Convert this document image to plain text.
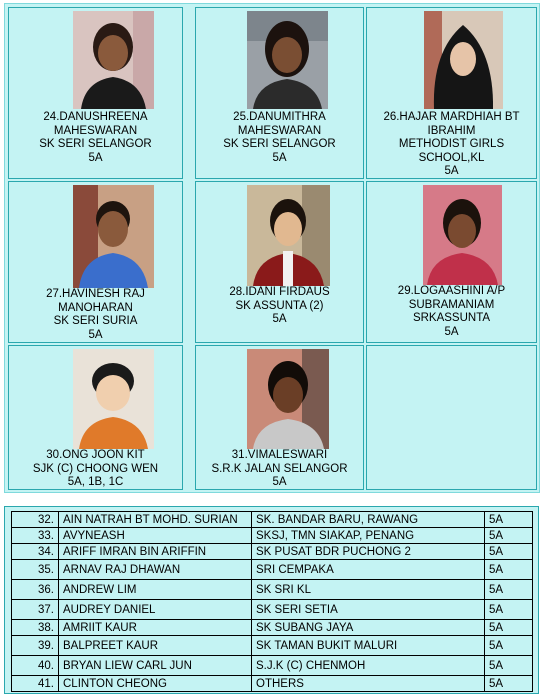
24.DANUSHREENA
MAHESWARAN
SK SERI SELANGOR
5A
25.DANUMITHRA
MAHESWARAN
SK SERI SELANGOR
5A
26.HAJAR MARDHIAH BT
IBRAHIM
METHODIST GIRLS
SCHOOL,KL
5A
27.HAVINESH RAJ
MANOHARAN
SK SERI SURIA
5A
28.IDANI FIRDAUS
SK ASSUNTA (2)
5A
29.LOGAASHINI A/P
SUBRAMANIAM
SRKASSUNTA
5A
30.ONG JOON KIT
SJK (C) CHOONG WEN
5A, 1B, 1C
31.VIMALESWARI
S.R.K JALAN SELANGOR
5A
32.	AIN NATRAH BT MOHD. SURIAN	SK. BANDAR BARU, RAWANG	5A
33.	AVYNEASH	SKSJ, TMN SIAKAP, PENANG	5A
34.	ARIFF IMRAN BIN ARIFFIN	SK PUSAT BDR PUCHONG 2	5A
35.	ARNAV RAJ DHAWAN	SRI CEMPAKA	5A
36.	ANDREW LIM	SK SRI KL	5A
37.	AUDREY DANIEL	SK SERI SETIA	5A
38.	AMRIIT KAUR	SK SUBANG JAYA	5A
39.	BALPREET KAUR	SK TAMAN BUKIT MALURI	5A
40.	BRYAN LIEW CARL JUN	S.J.K (C) CHENMOH	5A
41.	CLINTON CHEONG	OTHERS	5A
